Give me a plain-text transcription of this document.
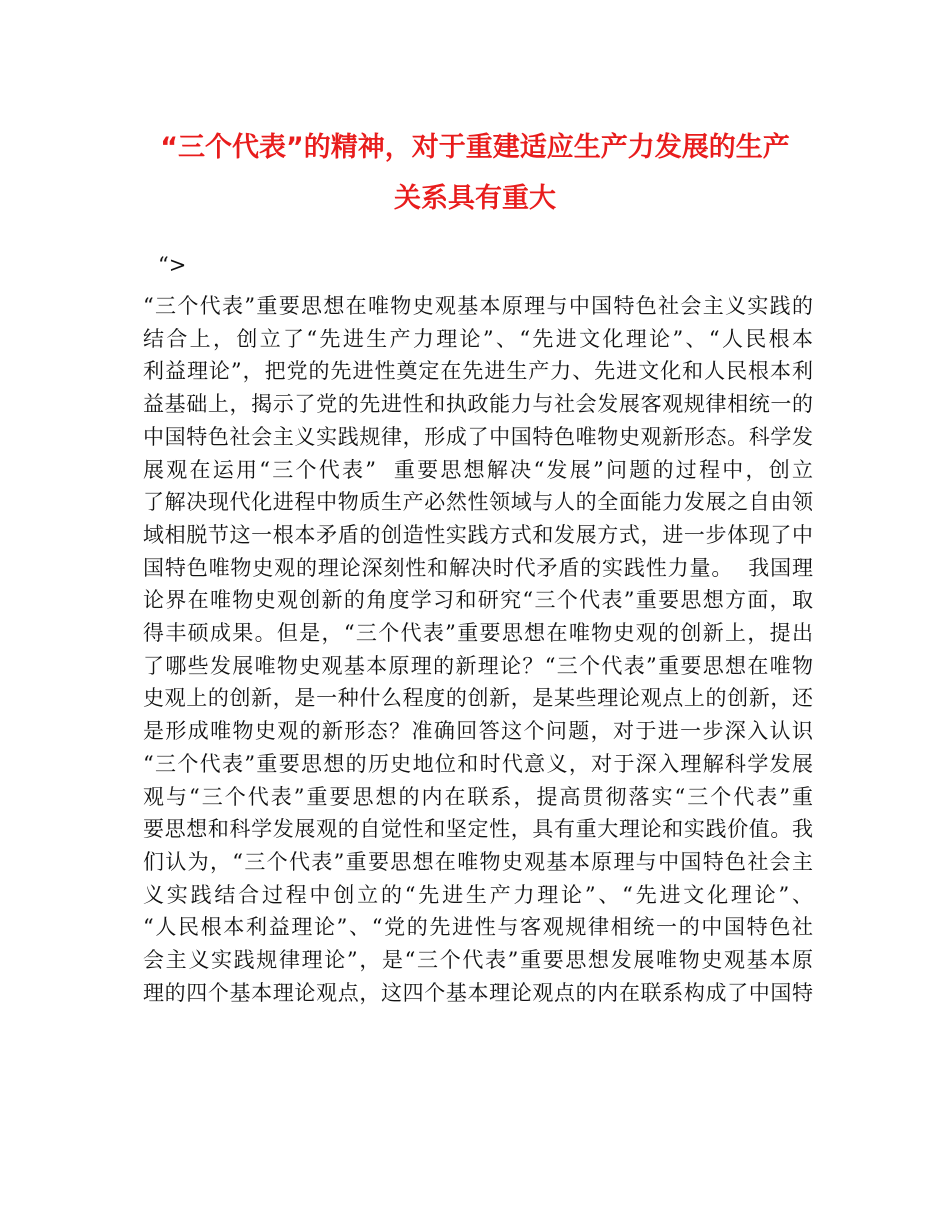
“三个代表”的精神，对于重建适应生产力发展的生产
关系具有重大
“>
“三个代表”重要思想在唯物史观基本原理与中国特色社会主义实践的
结合上，创立了“先进生产力理论”、“先进文化理论”、“人民根本
利益理论”，把党的先进性奠定在先进生产力、先进文化和人民根本利
益基础上，揭示了党的先进性和执政能力与社会发展客观规律相统一的
中国特色社会主义实践规律，形成了中国特色唯物史观新形态。科学发
展观在运用“三个代表”  重要思想解决“发展”问题的过程中，创立
了解决现代化进程中物质生产必然性领域与人的全面能力发展之自由领
域相脱节这一根本矛盾的创造性实践方式和发展方式，进一步体现了中
国特色唯物史观的理论深刻性和解决时代矛盾的实践性力量。  我国理
论界在唯物史观创新的角度学习和研究“三个代表”重要思想方面，取
得丰硕成果。但是，“三个代表”重要思想在唯物史观的创新上，提出
了哪些发展唯物史观基本原理的新理论？“三个代表”重要思想在唯物
史观上的创新，是一种什么程度的创新，是某些理论观点上的创新，还
是形成唯物史观的新形态？准确回答这个问题，对于进一步深入认识
“三个代表”重要思想的历史地位和时代意义，对于深入理解科学发展
观与“三个代表”重要思想的内在联系，提高贯彻落实“三个代表”重
要思想和科学发展观的自觉性和坚定性，具有重大理论和实践价值。我
们认为，“三个代表”重要思想在唯物史观基本原理与中国特色社会主
义实践结合过程中创立的“先进生产力理论”、“先进文化理论”、
“人民根本利益理论”、“党的先进性与客观规律相统一的中国特色社
会主义实践规律理论”，是“三个代表”重要思想发展唯物史观基本原
理的四个基本理论观点，这四个基本理论观点的内在联系构成了中国特
